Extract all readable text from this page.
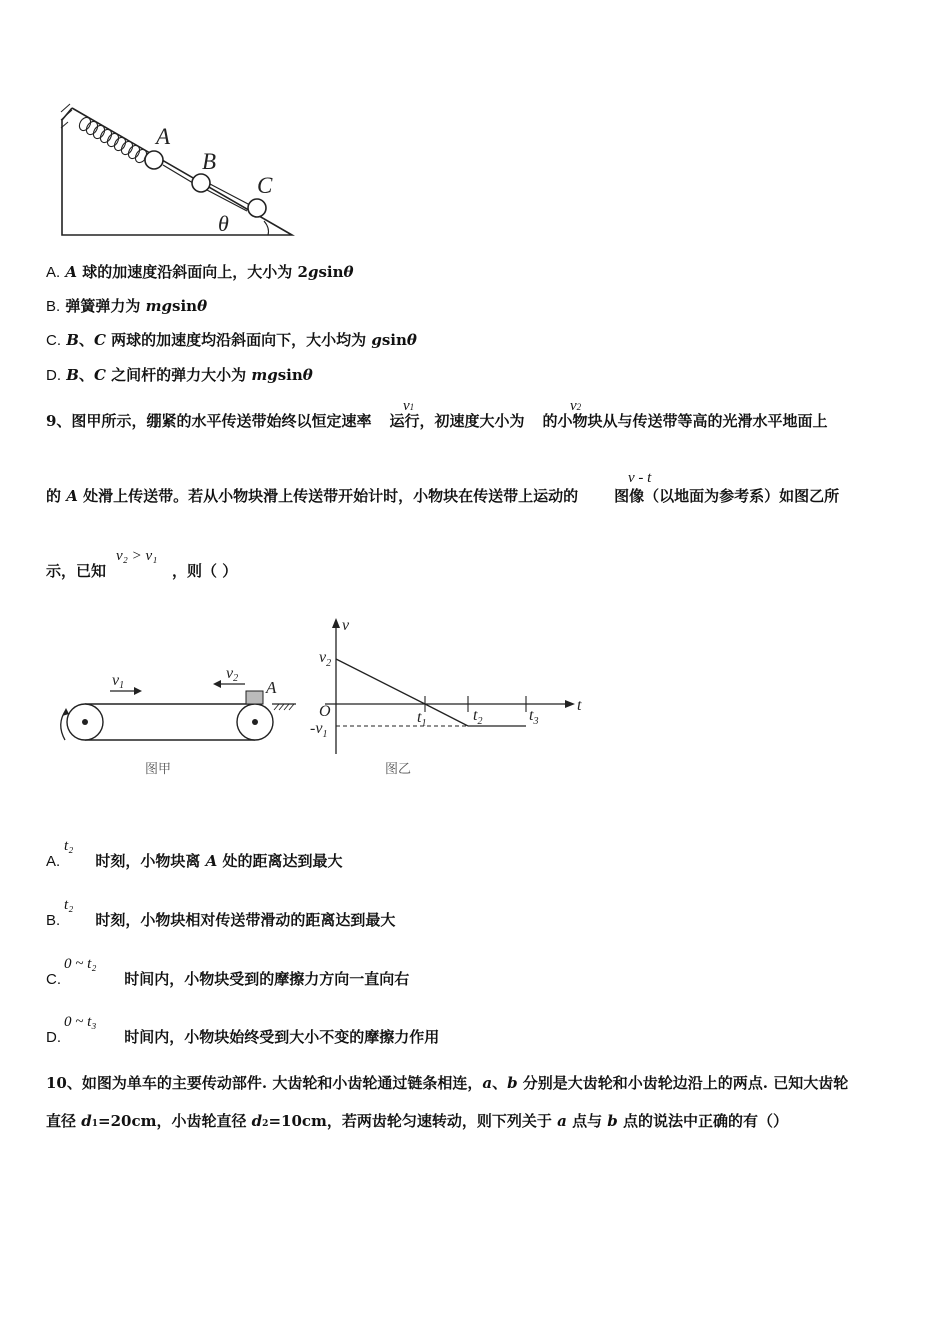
A
B
C
θ
A. A 球的加速度沿斜面向上，大小为 2gsinθ
B. 弹簧弹力为 mgsinθ
C. B、C 两球的加速度均沿斜面向下，大小均为 gsinθ
D. B、C 之间杆的弹力大小为 mgsinθ
9、图甲所示，绷紧的水平传送带始终以恒定速率 运行，初速度大小为 的小物块从与传送带等高的光滑水平地面上
v1	v2
的 A 处滑上传送带。若从小物块滑上传送带开始计时，小物块在传送带上运动的 图像（以地面为参考系）如图乙所
v - t
示，已知	，则（ ）
v₂ > v₁
A
v1
v2
图甲
v
t
O
$v_2$
$-v_1$
$t_1$	$t_2$	$t_3$
图乙
A. 时刻，小物块离 A 处的距离达到最大
t₂
B. 时刻，小物块相对传送带滑动的距离达到最大
t₂
C.	时间内，小物块受到的摩擦力方向一直向右
0 ~ t₂
D.	时间内，小物块始终受到大小不变的摩擦力作用
0 ~ t₃
10、如图为单车的主要传动部件. 大齿轮和小齿轮通过链条相连，a、b 分别是大齿轮和小齿轮边沿上的两点. 已知大齿轮
直径 d1=20cm，小齿轮直径 d2=10cm，若两齿轮匀速转动，则下列关于 a 点与 b 点的说法中正确的有（）
